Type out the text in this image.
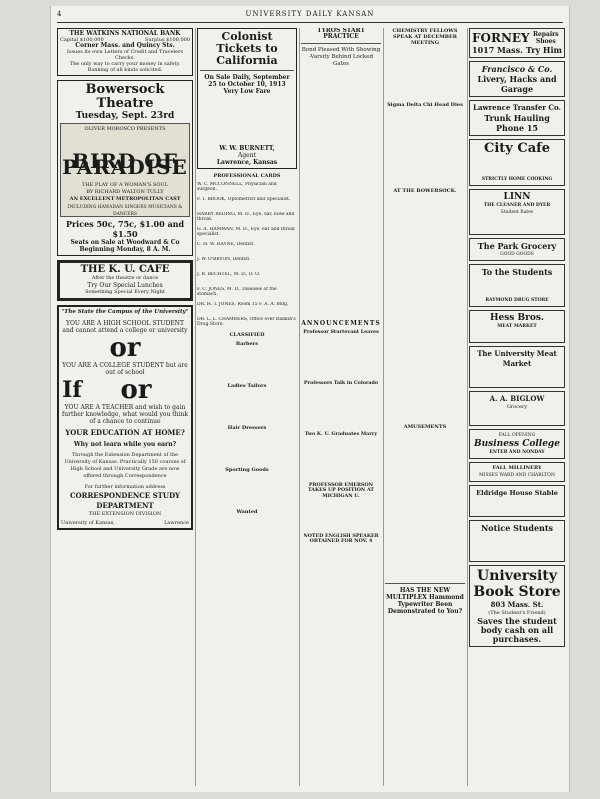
4	UNIVERSITY DAILY KANSAN
THE WATKINS NATIONAL BANK
Capital $100,000	Surplus $100,000
Corner Mass. and Quincy Sts.
Issues its own Letters of Credit and Travelers Checks.
The only way to carry your money in safety.
Banking of all kinds solicited.
Bowersock Theatre
Tuesday, Sept. 23rd
OLIVER MOROSCO PRESENTS
BIRD OF PARADISE
THE PLAY OF A WOMAN'S SOUL
BY RICHARD WALTON TULLY
AN EXCELLENT METROPOLITAN CAST
INCLUDING HAWAIIAN SINGERS MUSICIANS & DANCERS
Prices 50c, 75c, $1.00 and $1.50
Seats on Sale at Woodward & Co
Beginning Monday, 8 A. M.
THE K. U. CAFE
After the theatre or dance
Try Our Special Lunches
Something Special Every Night
"The State the Campus of the University"
YOU ARE A HIGH SCHOOL STUDENT and cannot attend a college or university
or
YOU ARE A COLLEGE STUDENT but are out of school
If	or
YOU ARE A TEACHER and wish to gain further knowledge, what would you think of a chance to continue
YOUR EDUCATION AT HOME?
Why not learn while you earn?
Through the Extension Department of the University of Kansas. Practically 150 courses of High School and University Grade are now offered through Correspondence
For further information address
CORRESPONDENCE STUDY DEPARTMENT
THE EXTENSION DIVISION
University of Kansas,	Lawrence
Colonist Tickets to California
On Sale Daily, September 25 to October 10, 1913
Very Low Fare
W. W. BURNETT,
Agent
Lawrence, Kansas
PROFESSIONAL CARDS
W. C. MCCONNELL, Physician and surgeon.
F. T. BROOK, Optometrist and Specialist.
HARRY REDING, M. D., Eye, ear, nose and throat.
G. A. HAMMAN, M. D., Eye, ear and throat specialist.
C. H. W. HAYNE, Dentist.
J. W. O'BRYON, Dentist.
J. R. BECHTEL, M. D., D. O.
F. C. JONES, M. D., Diseases of the stomach.
DR. H. T. JONES, Room 15 F. A. A. Bldg.
DR. L. L. CHAMBERS, Office over Rankin's Drug Store.
CLASSIFIED
Barbers
Ladies Tailors
Hair Dressers
Sporting Goods
Wanted
TYROS START PRACTICE
Bond Pleased With Showing -Varsity Behind Locked Gates
ANNOUNCEMENTS
Professor Sturtevant Leaves
Professors Talk in Colorado
Two K. U. Graduates Marry
PROFESSOR EMERSON TAKES UP POSITION AT MICHIGAN U.
NOTED ENGLISH SPEAKER OBTAINED FOR NOV. 4
CHEMISTRY FELLOWS SPEAK AT DECEMBER MEETING
Sigma Delta Chi Head Dies
AT THE BOWERSOCK.
AMUSEMENTS
HAS THE NEW MULTIPLEX Hammond Typewriter Been Demonstrated to You?
FORNEY Repairs Shoes
1017 Mass. Try Him
Francisco & Co.
Livery, Hacks and Garage
Lawrence Transfer Co.
Trunk Hauling
Phone 15
City Cafe
STRICTLY HOME COOKING
LINN
THE CLEANER AND DYER
Student Rates
The Park Grocery
GOOD GOODS
To the Students
RAYMOND DRUG STORE
Hess Bros.
MEAT MARKET
The University Meat Market
A. A. BIGLOW
Grocery
FALL OPENING
Business College
ENTER AND NONDAY
FALL MILLINERY
MISSES WARD AND CHARLTON
Eldridge House Stable
Notice Students
University Book Store
803 Mass. St.
(The Student's Friend)
Saves the student body cash on all purchases.
